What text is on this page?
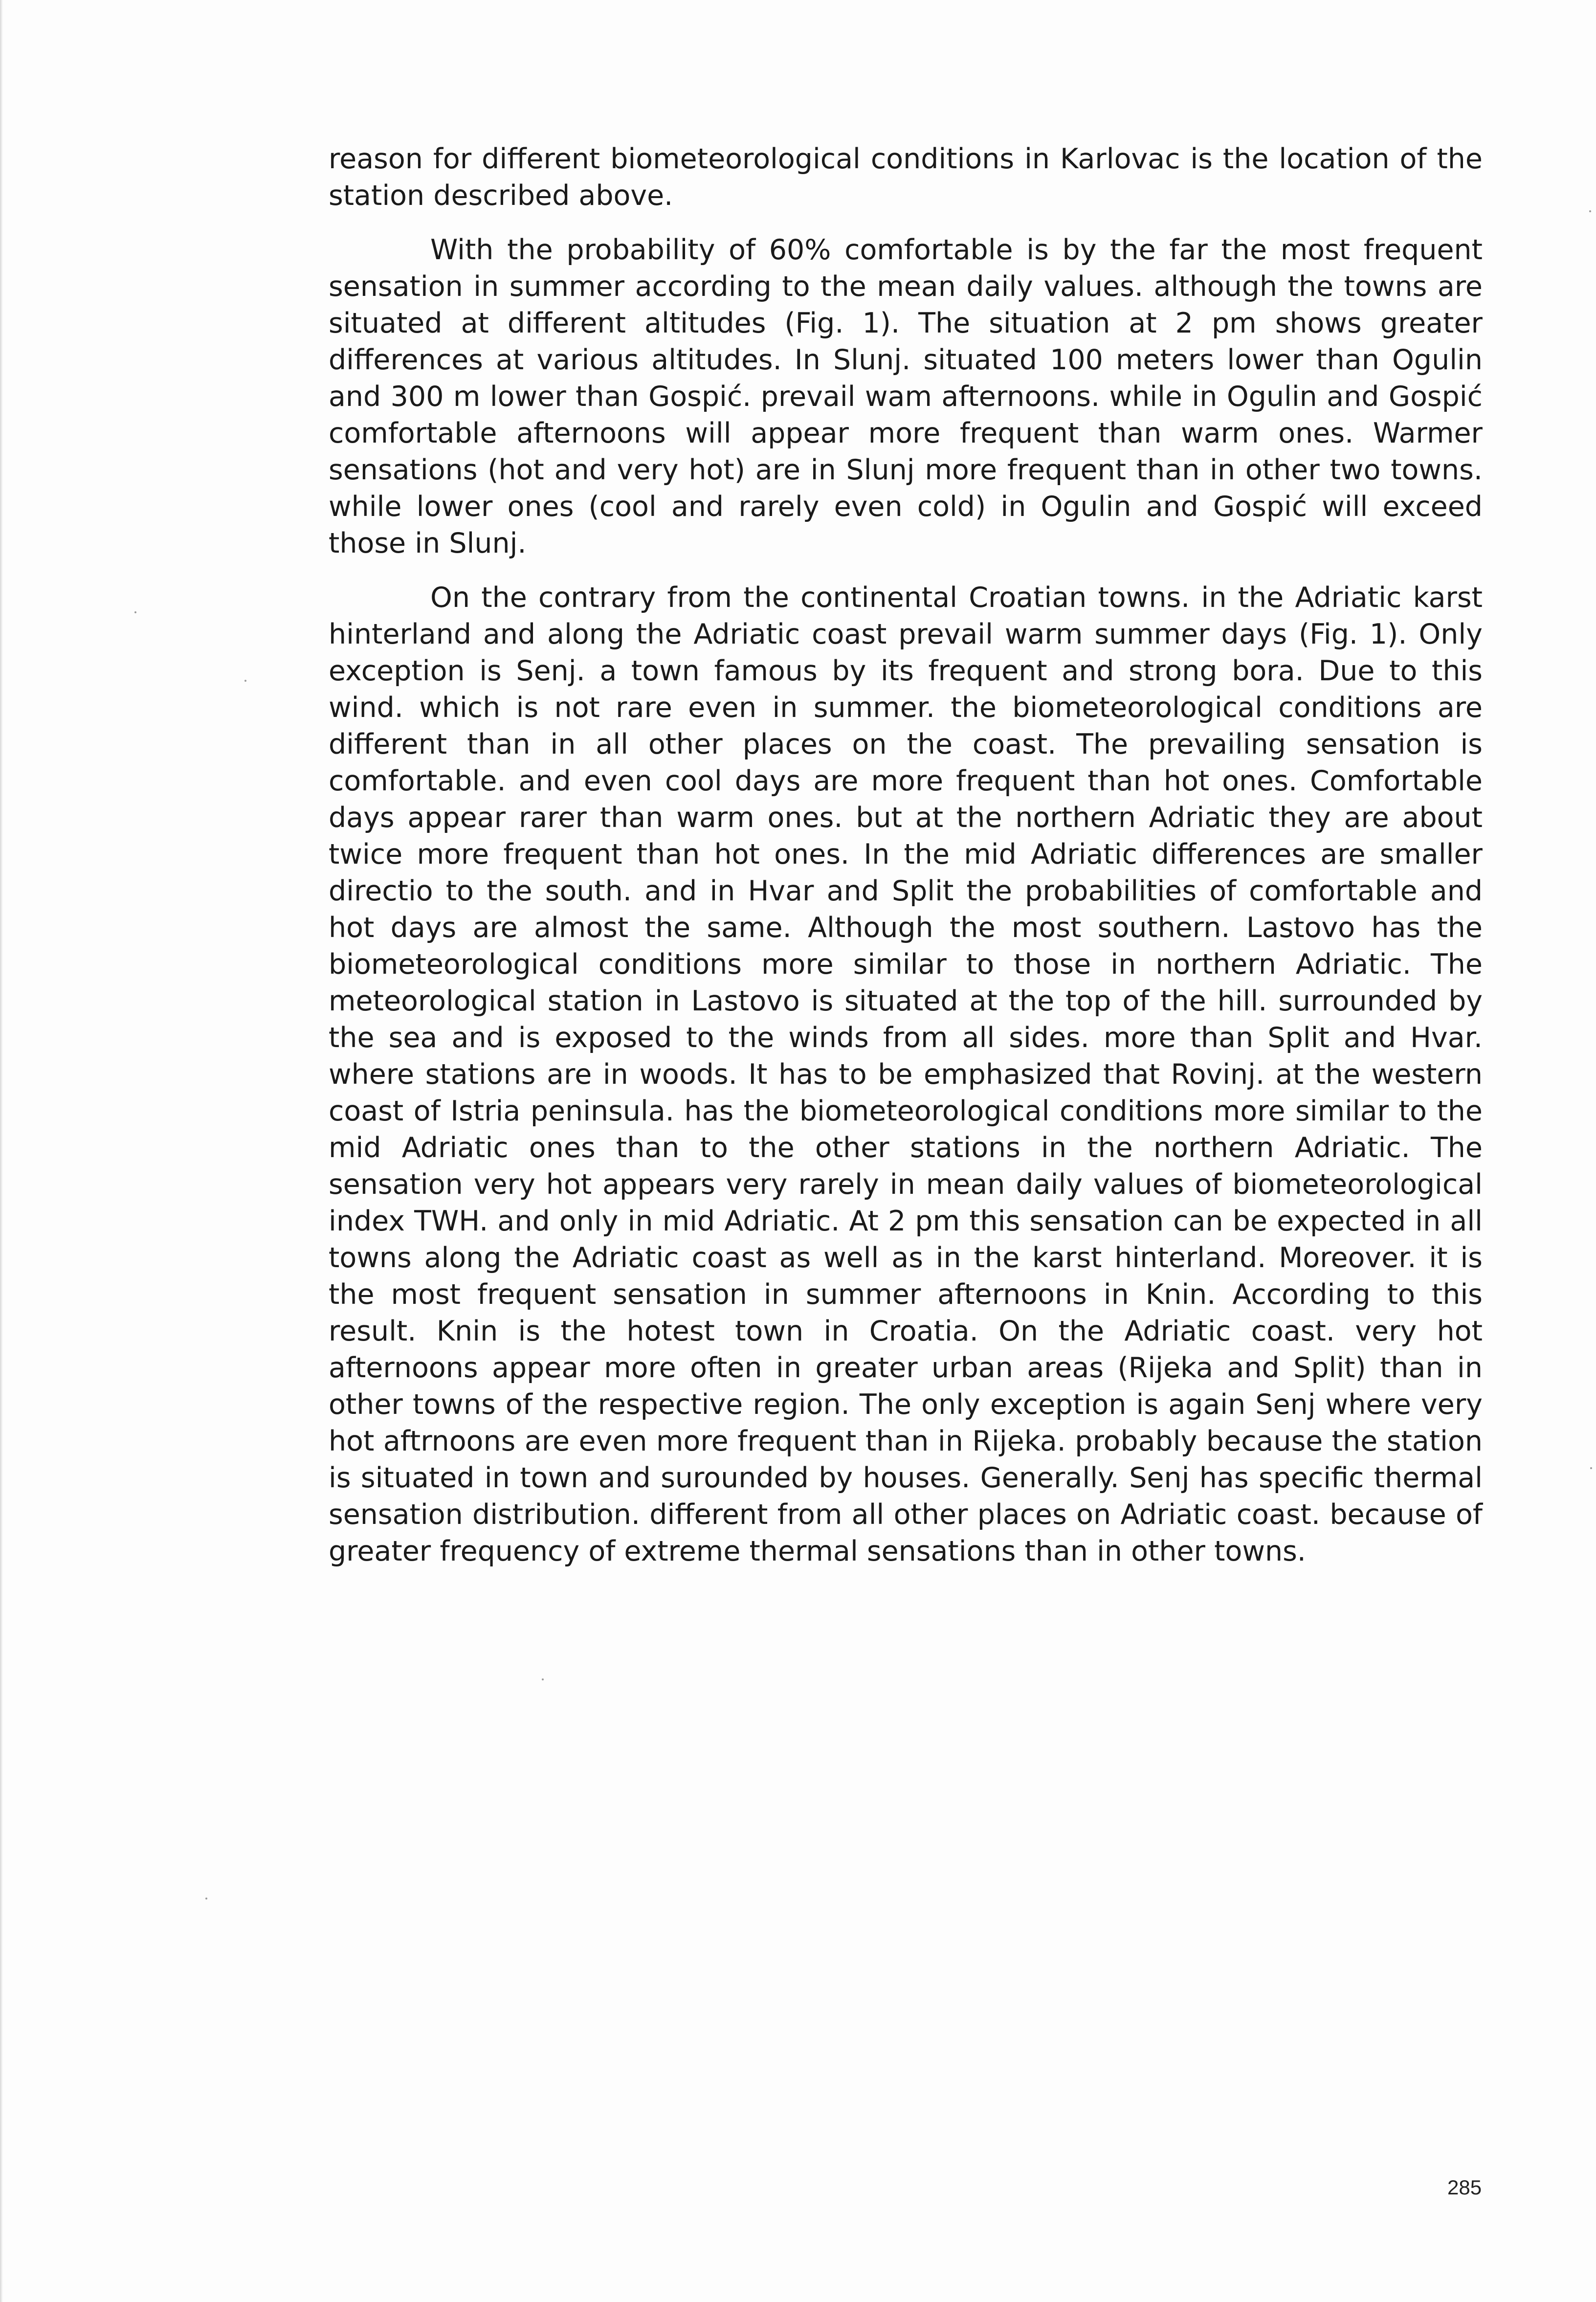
reason for different biometeorological conditions in Karlovac is the location of the station described above.

With the probability of 60% comfortable is by the far the most frequent sensation in summer according to the mean daily values. although the towns are situated at different altitudes (Fig. 1). The situation at 2 pm shows greater differences at various altitudes. In Slunj. situated 100 meters lower than Ogulin and 300 m lower than Gospić. prevail wam afternoons. while in Ogulin and Gospić comfortable afternoons will appear more frequent than warm ones. Warmer sensations (hot and very hot) are in Slunj more frequent than in other two towns. while lower ones (cool and rarely even cold) in Ogulin and Gospić will exceed those in Slunj.

On the contrary from the continental Croatian towns. in the Adriatic karst hinterland and along the Adriatic coast prevail warm summer days (Fig. 1). Only exception is Senj. a town famous by its frequent and strong bora. Due to this wind. which is not rare even in summer. the biometeorological conditions are different than in all other places on the coast. The prevailing sensation is comfortable. and even cool days are more frequent than hot ones. Comfortable days appear rarer than warm ones. but at the northern Adriatic they are about twice more frequent than hot ones. In the mid Adriatic differences are smaller directio to the south. and in Hvar and Split the probabilities of comfortable and hot days are almost the same. Although the most southern. Lastovo has the biometeorological conditions more similar to those in northern Adriatic. The meteorological station in Lastovo is situated at the top of the hill. surrounded by the sea and is exposed to the winds from all sides. more than Split and Hvar. where stations are in woods. It has to be emphasized that Rovinj. at the western coast of Istria peninsula. has the biometeorological conditions more similar to the mid Adriatic ones than to the other stations in the northern Adriatic. The sensation very hot appears very rarely in mean daily values of biometeorological index TWH. and only in mid Adriatic. At 2 pm this sensation can be expected in all towns along the Adriatic coast as well as in the karst hinterland. Moreover. it is the most frequent sensation in summer afternoons in Knin. According to this result. Knin is the hotest town in Croatia. On the Adriatic coast. very hot afternoons appear more often in greater urban areas (Rijeka and Split) than in other towns of the respective region. The only exception is again Senj where very hot aftrnoons are even more frequent than in Rijeka. probably because the station is situated in town and surounded by houses. Generally. Senj has specific thermal sensation distribution. different from all other places on Adriatic coast. because of greater frequency of extreme thermal sensations than in other towns.

285
